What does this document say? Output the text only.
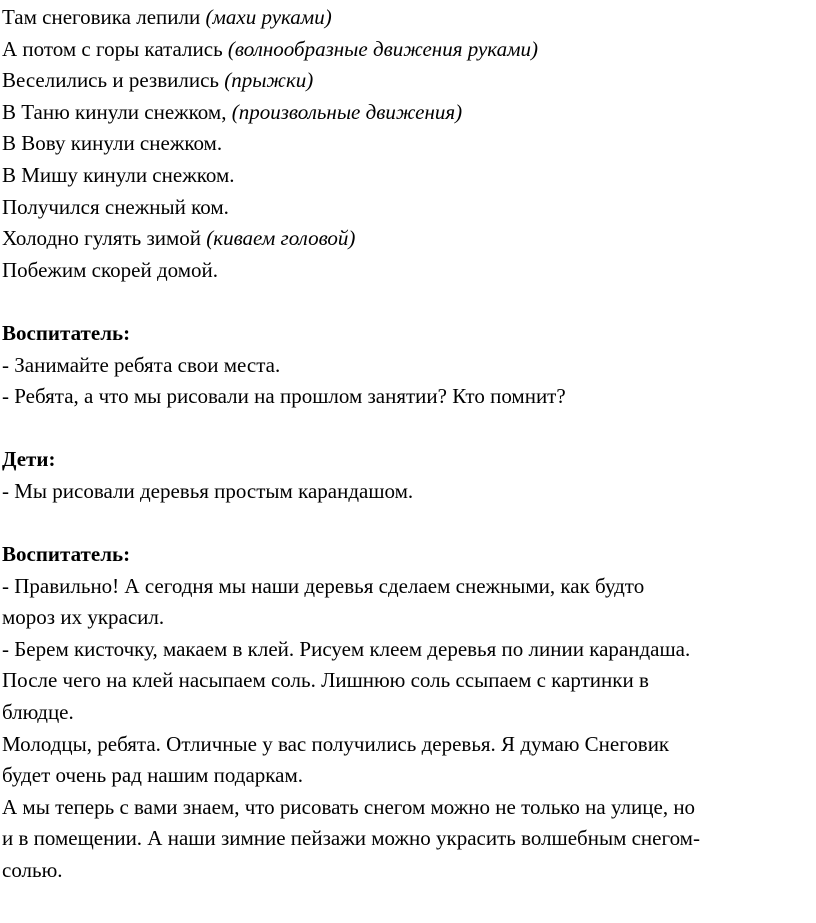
Там снеговика лепили (махи руками)

А потом с горы катались (волнообразные движения руками)

Веселились и резвились (прыжки)

В Таню кинули снежком, (произвольные движения)

В Вову кинули снежком.

В Мишу кинули снежком.

Получился снежный ком.

Холодно гулять зимой (киваем головой)

Побежим скорей домой.

Воспитатель:

- Занимайте ребята свои места.

- Ребята, а что мы рисовали на прошлом занятии? Кто помнит?

Дети:

- Мы рисовали деревья простым карандашом.

Воспитатель:

- Правильно! А сегодня мы наши деревья сделаем снежными, как будто

мороз их украсил.

- Берем кисточку, макаем в клей. Рисуем клеем деревья по линии карандаша.

После чего на клей насыпаем соль. Лишнюю соль ссыпаем с картинки в

блюдце.

Молодцы, ребята. Отличные у вас получились деревья. Я думаю Снеговик

будет очень рад нашим подаркам.

А мы теперь с вами знаем, что рисовать снегом можно не только на улице, но

и в помещении. А наши зимние пейзажи можно украсить волшебным снегом-

солью.
